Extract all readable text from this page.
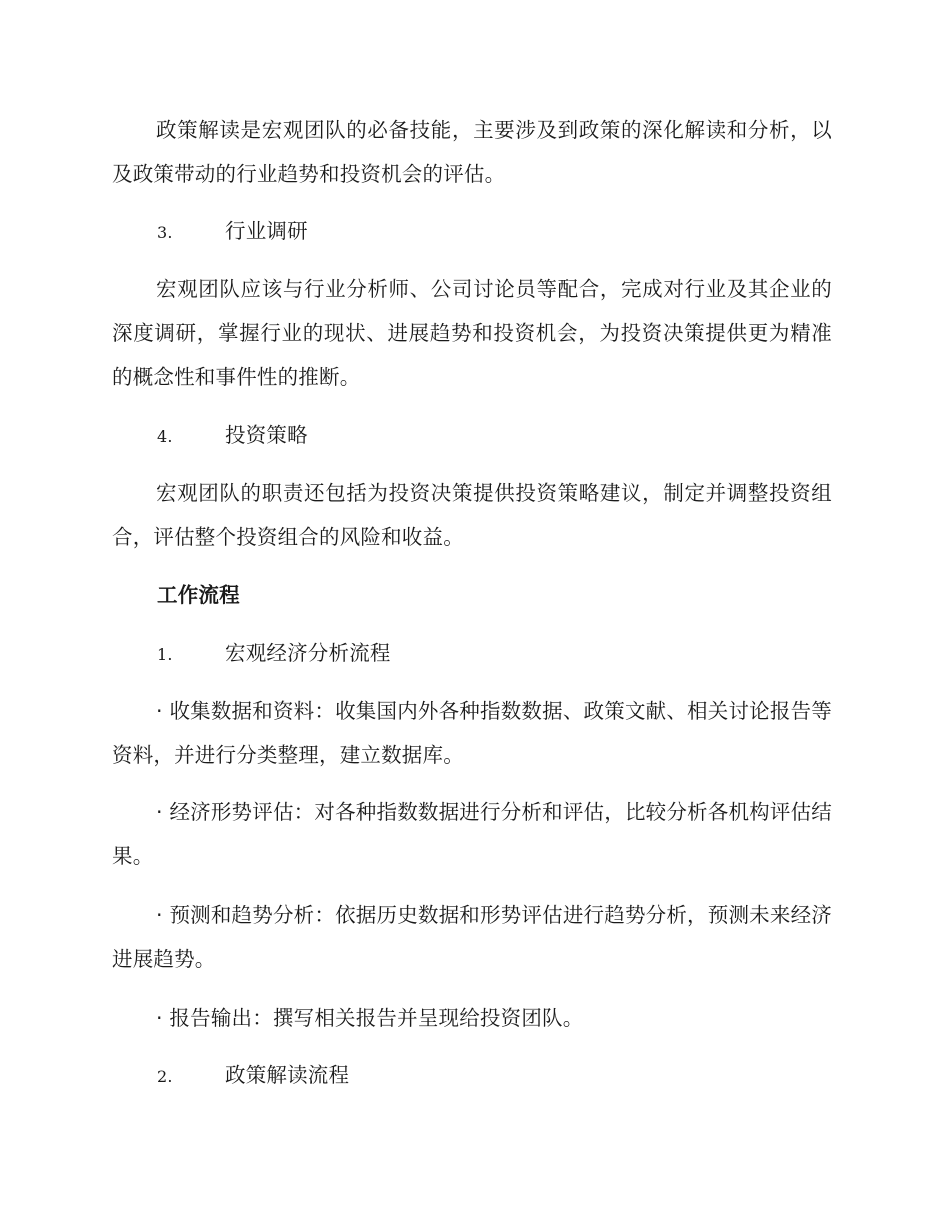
政策解读是宏观团队的必备技能，主要涉及到政策的深化解读和分析，以及政策带动的行业趋势和投资机会的评估。
3.	行业调研
宏观团队应该与行业分析师、公司讨论员等配合，完成对行业及其企业的深度调研，掌握行业的现状、进展趋势和投资机会，为投资决策提供更为精准的概念性和事件性的推断。
4.	投资策略
宏观团队的职责还包括为投资决策提供投资策略建议，制定并调整投资组合，评估整个投资组合的风险和收益。
工作流程
1.	宏观经济分析流程
· 收集数据和资料：收集国内外各种指数数据、政策文献、相关讨论报告等资料，并进行分类整理，建立数据库。
· 经济形势评估：对各种指数数据进行分析和评估，比较分析各机构评估结果。
· 预测和趋势分析：依据历史数据和形势评估进行趋势分析，预测未来经济进展趋势。
· 报告输出：撰写相关报告并呈现给投资团队。
2.	政策解读流程
